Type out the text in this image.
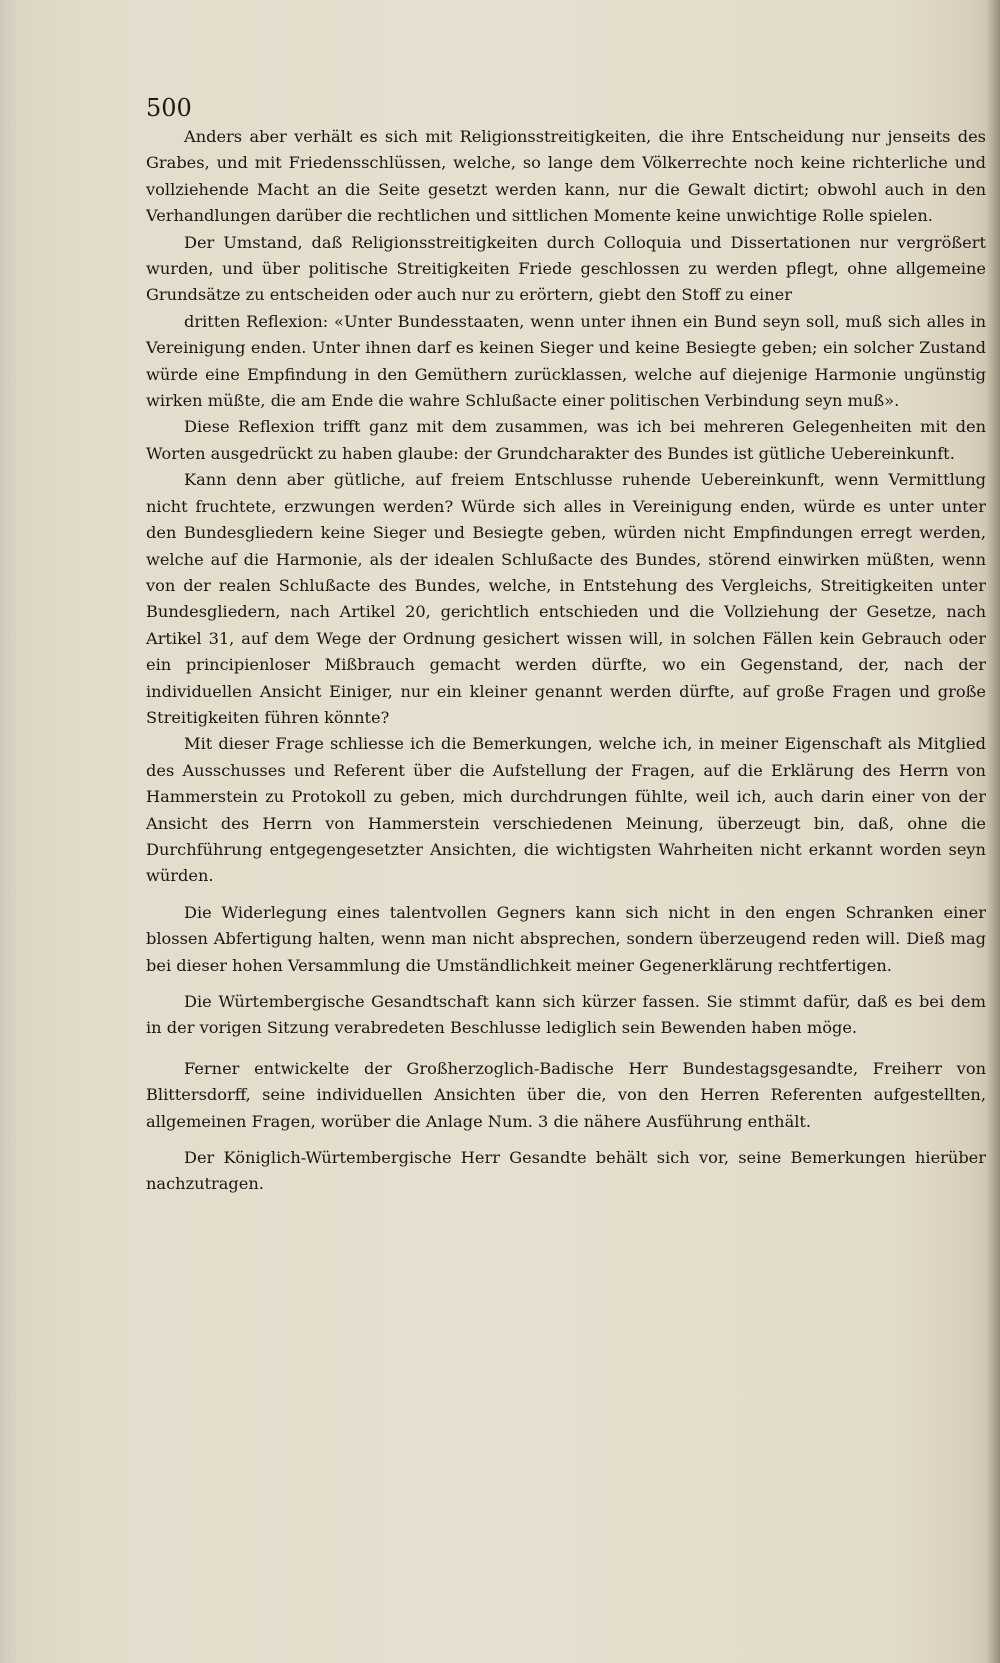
500

Anders aber verhält es sich mit Religionsstreitigkeiten, die ihre Entscheidung nur jenseits des Grabes, und mit Friedensschlüssen, welche, so lange dem Völkerrechte noch keine richterliche und vollziehende Macht an die Seite gesetzt werden kann, nur die Gewalt dictirt; obwohl auch in den Verhandlungen darüber die rechtlichen und sittlichen Momente keine unwichtige Rolle spielen.

Der Umstand, daß Religionsstreitigkeiten durch Colloquia und Dissertationen nur vergrößert wurden, und über politische Streitigkeiten Friede geschlossen zu werden pflegt, ohne allgemeine Grundsätze zu entscheiden oder auch nur zu erörtern, giebt den Stoff zu einer

dritten Reflexion: «Unter Bundesstaaten, wenn unter ihnen ein Bund seyn soll, muß sich alles in Vereinigung enden. Unter ihnen darf es keinen Sieger und keine Besiegte geben; ein solcher Zustand würde eine Empfindung in den Gemüthern zurücklassen, welche auf diejenige Harmonie ungünstig wirken müßte, die am Ende die wahre Schlußacte einer politischen Verbindung seyn muß».

Diese Reflexion trifft ganz mit dem zusammen, was ich bei mehreren Gelegenheiten mit den Worten ausgedrückt zu haben glaube: der Grundcharakter des Bundes ist gütliche Uebereinkunft.

Kann denn aber gütliche, auf freiem Entschlusse ruhende Uebereinkunft, wenn Vermittlung nicht fruchtete, erzwungen werden? Würde sich alles in Vereinigung enden, würde es unter unter den Bundesgliedern keine Sieger und Besiegte geben, würden nicht Empfindungen erregt werden, welche auf die Harmonie, als der idealen Schlußacte des Bundes, störend einwirken müßten, wenn von der realen Schlußacte des Bundes, welche, in Entstehung des Vergleichs, Streitigkeiten unter Bundesgliedern, nach Artikel 20, gerichtlich entschieden und die Vollziehung der Gesetze, nach Artikel 31, auf dem Wege der Ordnung gesichert wissen will, in solchen Fällen kein Gebrauch oder ein principienloser Mißbrauch gemacht werden dürfte, wo ein Gegenstand, der, nach der individuellen Ansicht Einiger, nur ein kleiner genannt werden dürfte, auf große Fragen und große Streitigkeiten führen könnte?

Mit dieser Frage schliesse ich die Bemerkungen, welche ich, in meiner Eigenschaft als Mitglied des Ausschusses und Referent über die Aufstellung der Fragen, auf die Erklärung des Herrn von Hammerstein zu Protokoll zu geben, mich durchdrungen fühlte, weil ich, auch darin einer von der Ansicht des Herrn von Hammerstein verschiedenen Meinung, überzeugt bin, daß, ohne die Durchführung entgegengesetzter Ansichten, die wichtigsten Wahrheiten nicht erkannt worden seyn würden.

Die Widerlegung eines talentvollen Gegners kann sich nicht in den engen Schranken einer blossen Abfertigung halten, wenn man nicht absprechen, sondern überzeugend reden will. Dieß mag bei dieser hohen Versammlung die Umständlichkeit meiner Gegenerklärung rechtfertigen.

Die Würtembergische Gesandtschaft kann sich kürzer fassen. Sie stimmt dafür, daß es bei dem in der vorigen Sitzung verabredeten Beschlusse lediglich sein Bewenden haben möge.

Ferner entwickelte der Großherzoglich-Badische Herr Bundestagsgesandte, Freiherr von Blittersdorff, seine individuellen Ansichten über die, von den Herren Referenten aufgestellten, allgemeinen Fragen, worüber die Anlage Num. 3 die nähere Ausführung enthält.

Der Königlich-Würtembergische Herr Gesandte behält sich vor, seine Bemerkungen hierüber nachzutragen.
